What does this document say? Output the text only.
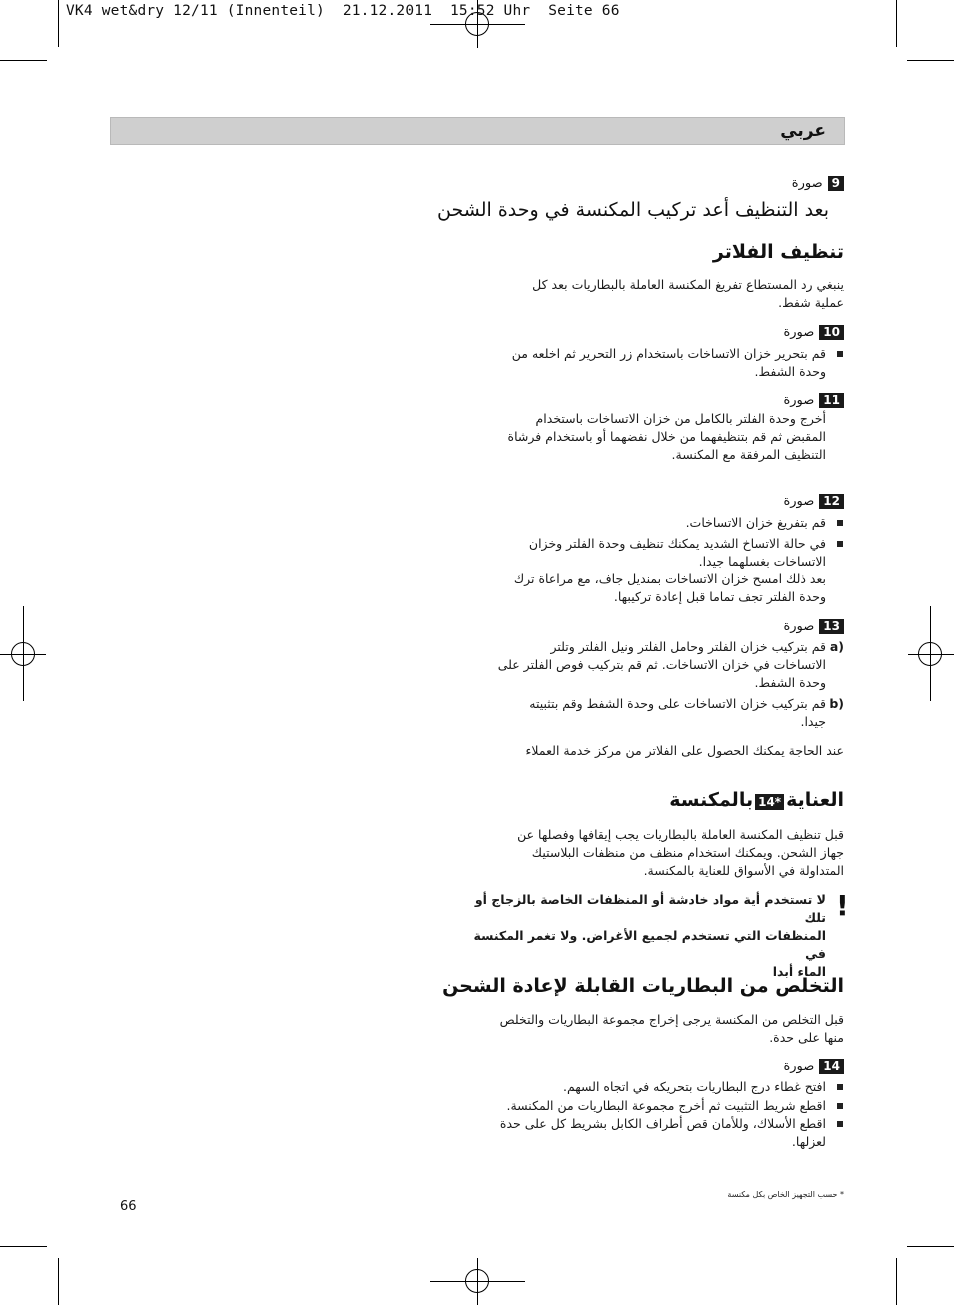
VK4 wet&dry 12/11 (Innenteil)  21.12.2011  15:52 Uhr  Seite 66
عربي
9صورة
بعد التنظيف أعد تركيب المكنسة في وحدة الشحن
تنظيف الفلاتر
ينبغي رد المستطاع تفريغ المكنسة العاملة بالبطاريات بعد كل
عملية شفط.
10صورة
قم بتحرير خزان الاتساخات باستخدام زر التحرير ثم اخلعه من
وحدة الشفط.
11صورة
أخرج وحدة الفلتر بالكامل من خزان الاتساخات باستخدام
المقبض ثم قم بتنظيفهما من خلال نفضهما أو باستخدام فرشاة
التنظيف المرفقة مع المكنسة.
12صورة
قم بتفريغ خزان الاتساخات.
في حالة الاتساخ الشديد يمكنك تنظيف وحدة الفلتر وخزان
الاتساخات بغسلهما جيدا.
بعد ذلك امسح خزان الاتساخات بمنديل جاف، مع مراعاة ترك
وحدة الفلتر تجف تماما قبل إعادة تركيبها.
13صورة
a)
قم بتركيب خزان الفلتر وحامل الفلتر ونيل الفلتر وتلتر
الاتساخات في خزان الاتساخات. ثم قم بتركيب فوص الفلتر على
وحدة الشفط.
b)
قم بتركيب خزان الاتساخات على وحدة الشفط وقم بتثبيته
جيدا.
عند الحاجة يمكنك الحصول على الفلاتر من مركز خدمة العملاء
العناية14*بالمكنسة
قبل تنظيف المكنسة العاملة بالبطاريات يجب إيقافها وفصلها عن
جهاز الشحن. ويمكنك استخدام منظف من منظفات البلاستيك
المتداولة في الأسواق للعناية بالمكنسة.
!
لا تستخدم أية مواد خادشة أو المنظفات الخاصة بالزجاج أو تلك
المنظفات التي تستخدم لجميع الأغراض. ولا تغمر المكنسة في
الماء أبدا
التخلص من البطاريات القابلة لإعادة الشحن
قبل التخلص من المكنسة يرجى إخراج مجموعة البطاريات والتخلص
منها على حدة.
14صورة
افتح غطاء درج البطاريات بتحريكه في اتجاه السهم.
اقطع شريط التثبيت ثم أخرج مجموعة البطاريات من المكنسة.
اقطع الأسلاك، وللأمان قص أطراف الكابل بشريط كل على حدة
لعزلها.
* حسب التجهيز الخاص بكل مكنسة
66
